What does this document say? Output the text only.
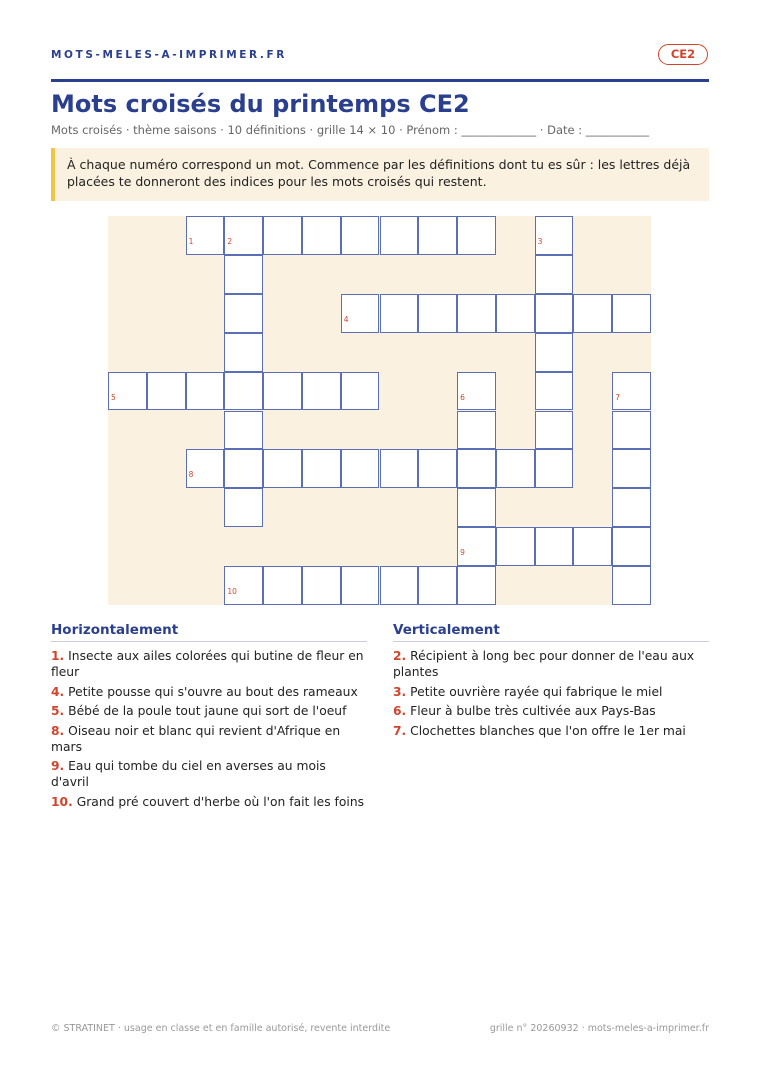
MOTS-MELES-A-IMPRIMER.FR	CE2
Mots croisés du printemps CE2
Mots croisés · thème saisons · 10 définitions · grille 14 × 10 · Prénom : _____________ · Date : ___________
À chaque numéro correspond un mot. Commence par les définitions dont tu es sûr : les lettres déjà placées te donneront des indices pour les mots croisés qui restent.
1	2	3
4
5	6	7
8
9
10
Horizontalement
1. Insecte aux ailes colorées qui butine de fleur en fleur
4. Petite pousse qui s'ouvre au bout des rameaux
5. Bébé de la poule tout jaune qui sort de l'oeuf
8. Oiseau noir et blanc qui revient d'Afrique en mars
9. Eau qui tombe du ciel en averses au mois d'avril
10. Grand pré couvert d'herbe où l'on fait les foins
Verticalement
2. Récipient à long bec pour donner de l'eau aux plantes
3. Petite ouvrière rayée qui fabrique le miel
6. Fleur à bulbe très cultivée aux Pays-Bas
7. Clochettes blanches que l'on offre le 1er mai
© STRATINET · usage en classe et en famille autorisé, revente interdite	grille n° 20260932 · mots-meles-a-imprimer.fr
